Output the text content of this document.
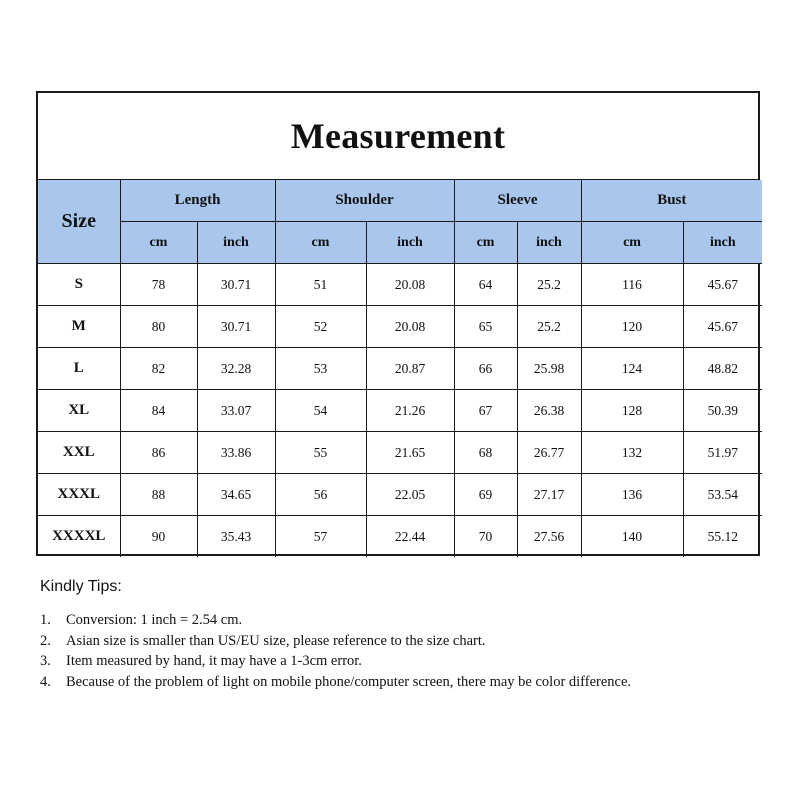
Measurement
Size	Length		Shoulder		Sleeve		Bust	
	cm	inch	cm	inch	cm	inch	cm	inch
S	78	30.71	51	20.08	64	25.2	116	45.67
M	80	30.71	52	20.08	65	25.2	120	45.67
L	82	32.28	53	20.87	66	25.98	124	48.82
XL	84	33.07	54	21.26	67	26.38	128	50.39
XXL	86	33.86	55	21.65	68	26.77	132	51.97
XXXL	88	34.65	56	22.05	69	27.17	136	53.54
XXXXL	90	35.43	57	22.44	70	27.56	140	55.12
Kindly Tips:
1.	Conversion: 1 inch = 2.54 cm.
2.	Asian size is smaller than US/EU size, please reference to the size chart.
3.	Item measured by hand, it may have a 1-3cm error.
4.	Because of the problem of light on mobile phone/computer screen, there may be color difference.
